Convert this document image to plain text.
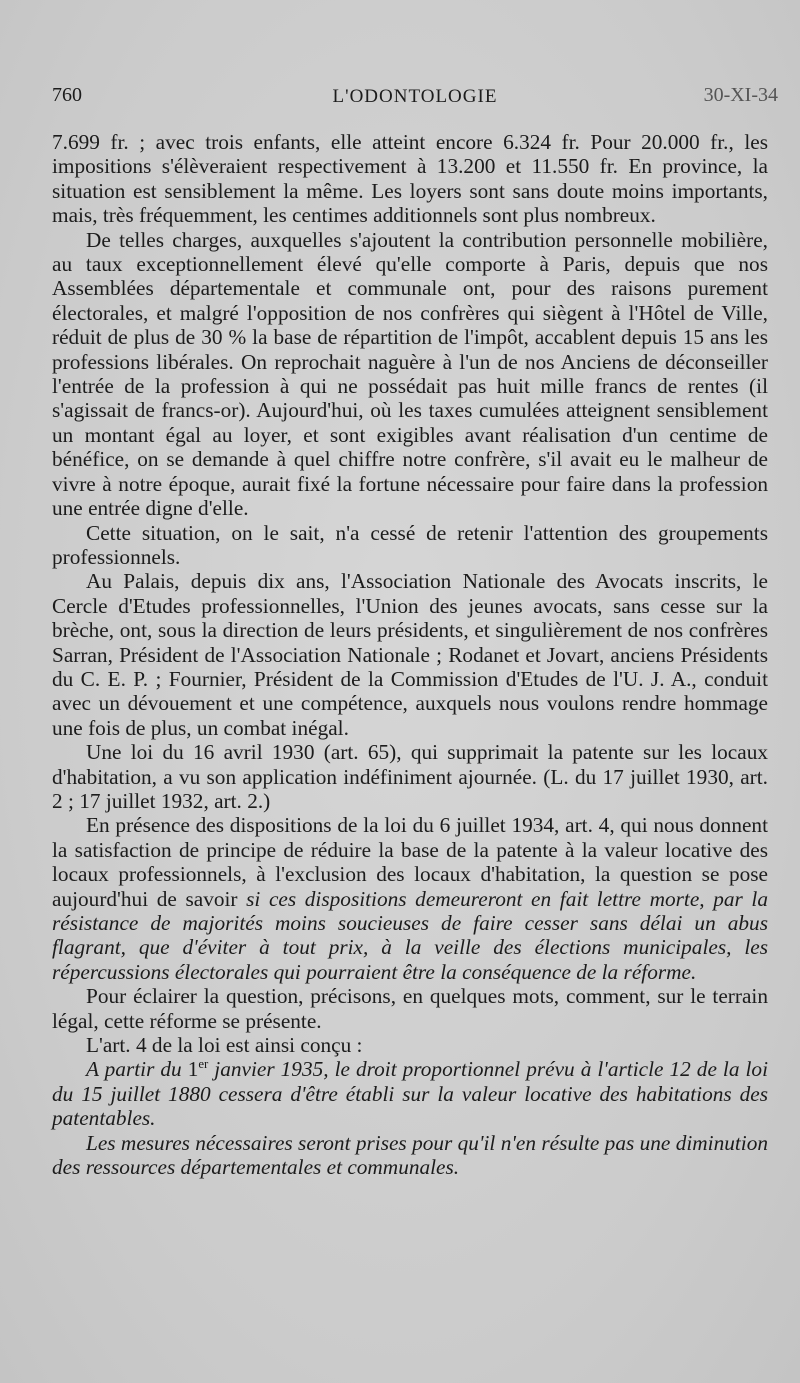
760	L'ODONTOLOGIE	30-XI-34

7.699 fr. ; avec trois enfants, elle atteint encore 6.324 fr. Pour 20.000 fr., les impositions s'élèveraient respectivement à 13.200 et 11.550 fr. En province, la situation est sensiblement la même. Les loyers sont sans doute moins importants, mais, très fréquemment, les centimes additionnels sont plus nombreux.

De telles charges, auxquelles s'ajoutent la contribution personnelle mobilière, au taux exceptionnellement élevé qu'elle comporte à Paris, depuis que nos Assemblées départementale et communale ont, pour des raisons purement électorales, et malgré l'opposition de nos confrères qui siègent à l'Hôtel de Ville, réduit de plus de 30 % la base de répartition de l'impôt, accablent depuis 15 ans les professions libérales. On reprochait naguère à l'un de nos Anciens de déconseiller l'entrée de la profession à qui ne possédait pas huit mille francs de rentes (il s'agissait de francs-or). Aujourd'hui, où les taxes cumulées atteignent sensiblement un montant égal au loyer, et sont exigibles avant réalisation d'un centime de bénéfice, on se demande à quel chiffre notre confrère, s'il avait eu le malheur de vivre à notre époque, aurait fixé la fortune nécessaire pour faire dans la profession une entrée digne d'elle.

Cette situation, on le sait, n'a cessé de retenir l'attention des groupements professionnels.

Au Palais, depuis dix ans, l'Association Nationale des Avocats inscrits, le Cercle d'Etudes professionnelles, l'Union des jeunes avocats, sans cesse sur la brèche, ont, sous la direction de leurs présidents, et singulièrement de nos confrères Sarran, Président de l'Association Nationale ; Rodanet et Jovart, anciens Présidents du C. E. P. ; Fournier, Président de la Commission d'Etudes de l'U. J. A., conduit avec un dévouement et une compétence, auxquels nous voulons rendre hommage une fois de plus, un combat inégal.

Une loi du 16 avril 1930 (art. 65), qui supprimait la patente sur les locaux d'habitation, a vu son application indéfiniment ajournée. (L. du 17 juillet 1930, art. 2 ; 17 juillet 1932, art. 2.)

En présence des dispositions de la loi du 6 juillet 1934, art. 4, qui nous donnent la satisfaction de principe de réduire la base de la patente à la valeur locative des locaux professionnels, à l'exclusion des locaux d'habitation, la question se pose aujourd'hui de savoir si ces dispositions demeureront en fait lettre morte, par la résistance de majorités moins soucieuses de faire cesser sans délai un abus flagrant, que d'éviter à tout prix, à la veille des élections municipales, les répercussions électorales qui pourraient être la conséquence de la réforme.

Pour éclairer la question, précisons, en quelques mots, comment, sur le terrain légal, cette réforme se présente.

L'art. 4 de la loi est ainsi conçu :

A partir du 1er janvier 1935, le droit proportionnel prévu à l'article 12 de la loi du 15 juillet 1880 cessera d'être établi sur la valeur locative des habitations des patentables.

Les mesures nécessaires seront prises pour qu'il n'en résulte pas une diminution des ressources départementales et communales.
